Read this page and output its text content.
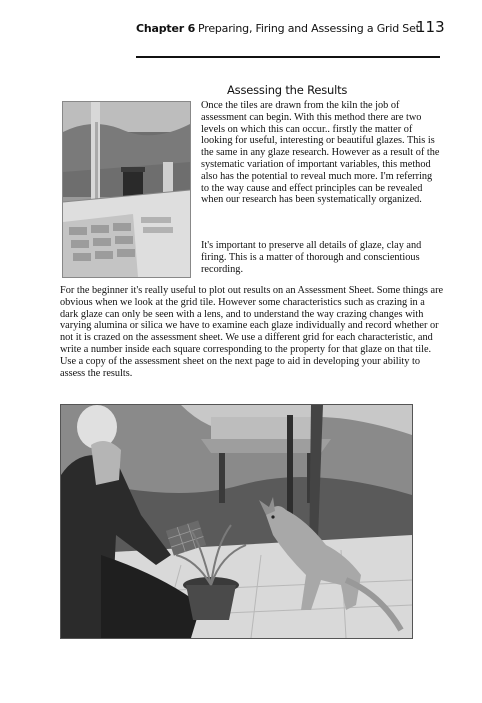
Chapter 6 Preparing, Firing and Assessing a Grid Set
113
Assessing the Results

Once the tiles are drawn from the kiln the job of assessment can begin. With this method there are two levels on which this can occur.. firstly the matter of looking for useful, interesting or beautiful glazes. This is the same in any glaze research. However as a result of the systematic variation of important variables, this method also has the potential to reveal much more. I'm referring to the way cause and effect principles can be revealed when our research has been systematically organized.

It's important to preserve all details of glaze, clay and firing. This is a matter of thorough and conscientious recording.

For the beginner it's really useful to plot out results on an Assessment Sheet. Some things are obvious when we look at the grid tile. However some characteristics such as crazing in a dark glaze can only be seen with a lens, and to understand the way crazing changes with varying alumina or silica we have to examine each glaze individually and record whether or not it is crazed on the assessment sheet. We use a different grid for each characteristic, and write a number inside each square corresponding to the property for that glaze on that tile. Use a copy of the assessment sheet on the next page to aid in developing your ability to assess the results.
